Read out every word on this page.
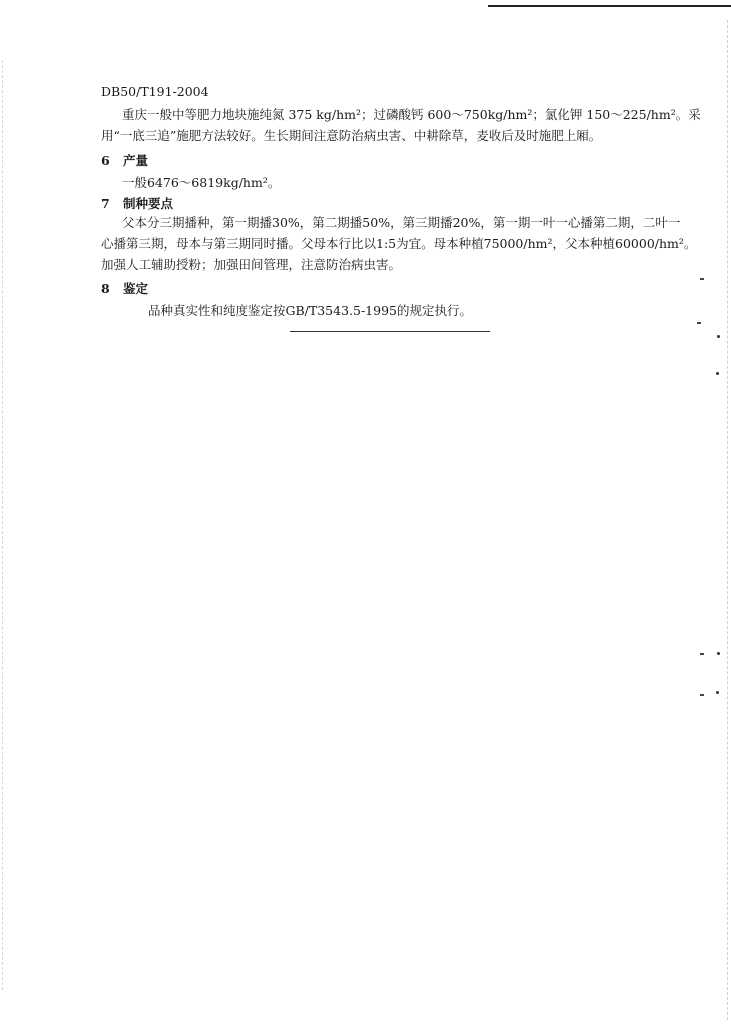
DB50/T191-2004
重庆一般中等肥力地块施纯氮 375 kg/hm²；过磷酸钙 600～750kg/hm²；氯化钾 150～225/hm²。采
用“一底三追”施肥方法较好。生长期间注意防治病虫害、中耕除草，麦收后及时施肥上厢。
6 产量
一般6476～6819kg/hm²。
7 制种要点
父本分三期播种，第一期播30%，第二期播50%，第三期播20%，第一期一叶一心播第二期，二叶一
心播第三期，母本与第三期同时播。父母本行比以1:5为宜。母本种植75000/hm²，父本种植60000/hm²。
加强人工辅助授粉；加强田间管理，注意防治病虫害。
8 鉴定
品种真实性和纯度鉴定按GB/T3543.5-1995的规定执行。
